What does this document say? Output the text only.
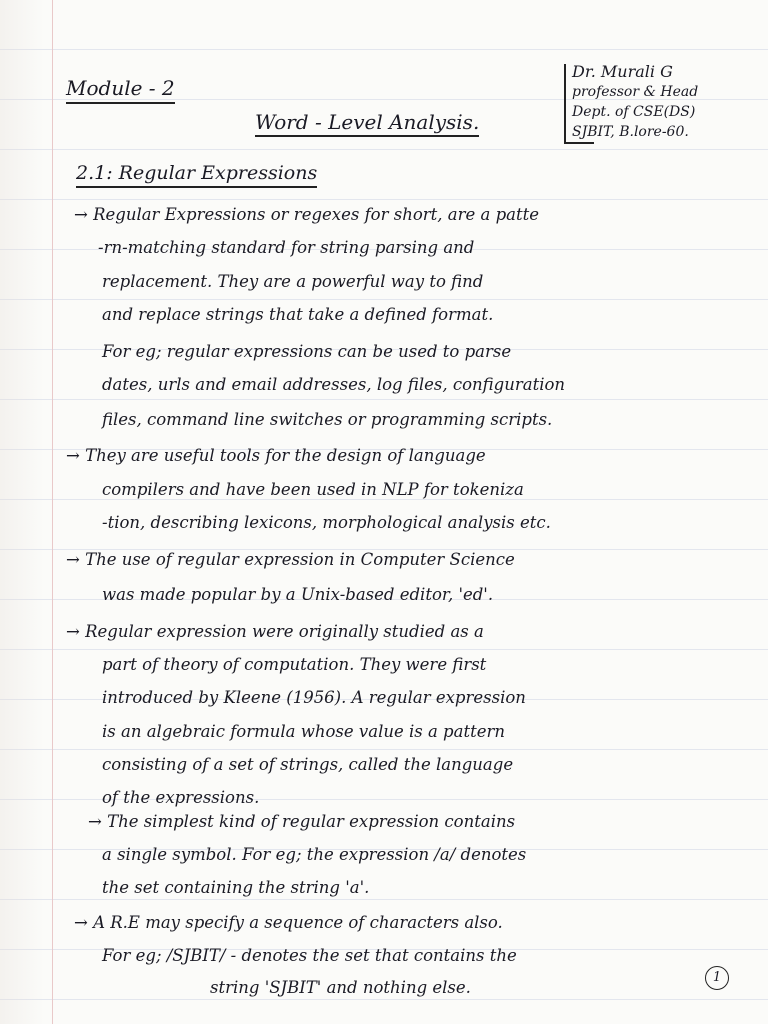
Module - 2
Word - Level Analysis.
Dr. Murali G
professor & Head
Dept. of CSE(DS)
SJBIT, B.lore-60.
2.1: Regular Expressions
→ Regular Expressions or regexes for short, are a patte
-rn-matching standard for string parsing and
replacement. They are a powerful way to find
and replace strings that take a defined format.
For eg; regular expressions can be used to parse
dates, urls and email addresses, log files, configuration
files, command line switches or programming scripts.
→ They are useful tools for the design of language
compilers and have been used in NLP for tokeniza
-tion, describing lexicons, morphological analysis etc.
→ The use of regular expression in Computer Science
was made popular by a Unix-based editor, 'ed'.
→ Regular expression were originally studied as a
part of theory of computation. They were first
introduced by Kleene (1956). A regular expression
is an algebraic formula whose value is a pattern
consisting of a set of strings, called the language
of the expressions.
→ The simplest kind of regular expression contains
a single symbol. For eg; the expression /a/ denotes
the set containing the string 'a'.
→ A R.E may specify a sequence of characters also.
For eg; /SJBIT/ - denotes the set that contains the
string 'SJBIT' and nothing else.
1
